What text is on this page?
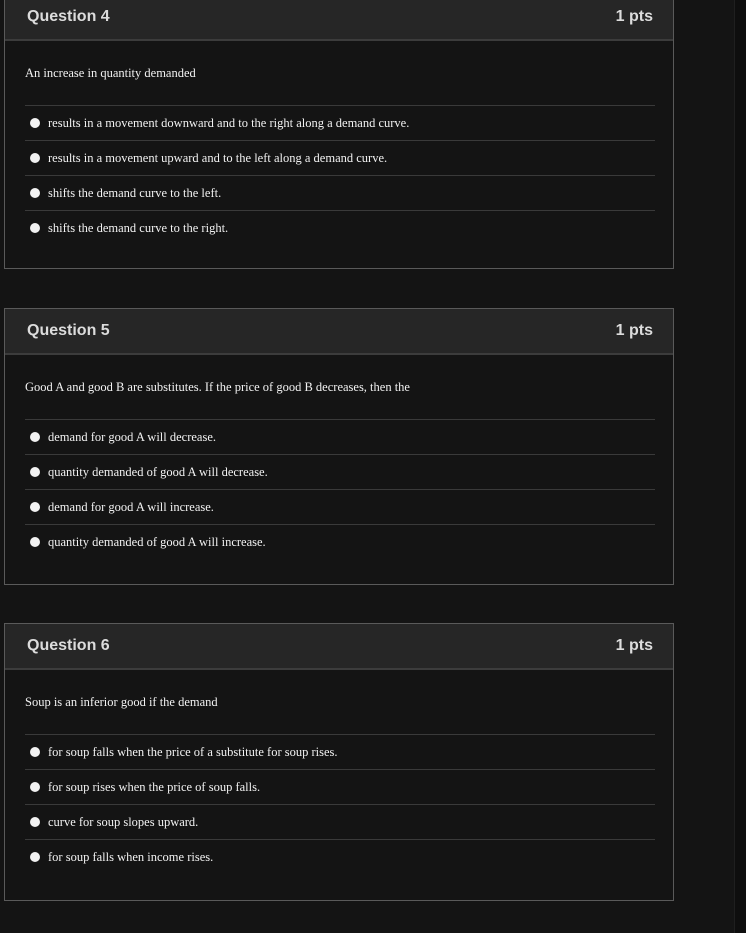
Question 4	1 pts
An increase in quantity demanded
results in a movement downward and to the right along a demand curve.
results in a movement upward and to the left along a demand curve.
shifts the demand curve to the left.
shifts the demand curve to the right.
Question 5	1 pts
Good A and good B are substitutes. If the price of good B decreases, then the
demand for good A will decrease.
quantity demanded of good A will decrease.
demand for good A will increase.
quantity demanded of good A will increase.
Question 6	1 pts
Soup is an inferior good if the demand
for soup falls when the price of a substitute for soup rises.
for soup rises when the price of soup falls.
curve for soup slopes upward.
for soup falls when income rises.
